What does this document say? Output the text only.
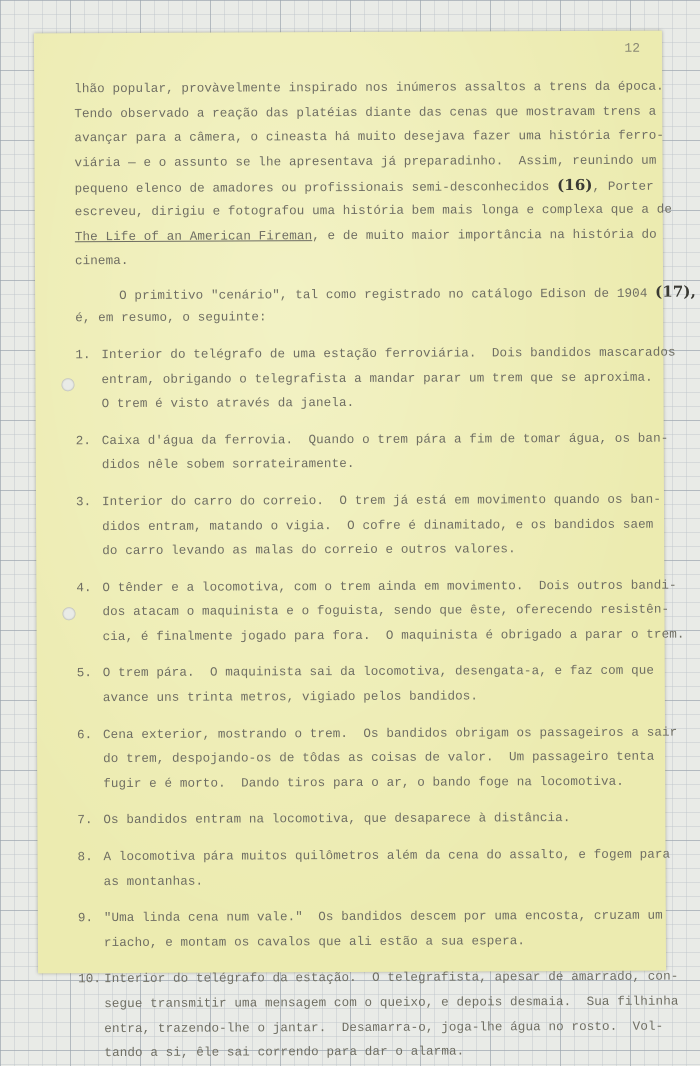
12
lhão popular, provàvelmente inspirado nos inúmeros assaltos a trens da época.
Tendo observado a reação das platéias diante das cenas que mostravam trens a
avançar para a câmera, o cineasta há muito desejava fazer uma história ferro-
viária — e o assunto se lhe apresentava já preparadinho.  Assim, reunindo um
pequeno elenco de amadores ou profissionais semi-desconhecidos (16), Porter
escreveu, dirigiu e fotografou uma história bem mais longa e complexa que a de
The Life of an American Fireman, e de muito maior importância na história do
cinema.
O primitivo "cenário", tal como registrado no catálogo Edison de 1904 (17),
é, em resumo, o seguinte:
1. Interior do telégrafo de uma estação ferroviária.  Dois bandidos mascarados
entram, obrigando o telegrafista a mandar parar um trem que se aproxima.
O trem é visto através da janela.
2. Caixa d'água da ferrovia.  Quando o trem pára a fim de tomar água, os ban-
didos nêle sobem sorrateiramente.
3. Interior do carro do correio.  O trem já está em movimento quando os ban-
didos entram, matando o vigia.  O cofre é dinamitado, e os bandidos saem
do carro levando as malas do correio e outros valores.
4. O tênder e a locomotiva, com o trem ainda em movimento.  Dois outros bandi-
dos atacam o maquinista e o foguista, sendo que êste, oferecendo resistên-
cia, é finalmente jogado para fora.  O maquinista é obrigado a parar o trem.
5. O trem pára.  O maquinista sai da locomotiva, desengata-a, e faz com que
avance uns trinta metros, vigiado pelos bandidos.
6. Cena exterior, mostrando o trem.  Os bandidos obrigam os passageiros a sair
do trem, despojando-os de tôdas as coisas de valor.  Um passageiro tenta
fugir e é morto.  Dando tiros para o ar, o bando foge na locomotiva.
7. Os bandidos entram na locomotiva, que desaparece à distância.
8. A locomotiva pára muitos quilômetros além da cena do assalto, e fogem para
as montanhas.
9. "Uma linda cena num vale."  Os bandidos descem por uma encosta, cruzam um
riacho, e montam os cavalos que ali estão a sua espera.
10. Interior do telégrafo da estação.  O telegrafista, apesar de amarrado, con-
segue transmitir uma mensagem com o queixo, e depois desmaia.  Sua filhinha
entra, trazendo-lhe o jantar.  Desamarra-o, joga-lhe água no rosto.  Vol-
tando a si, êle sai correndo para dar o alarma.
